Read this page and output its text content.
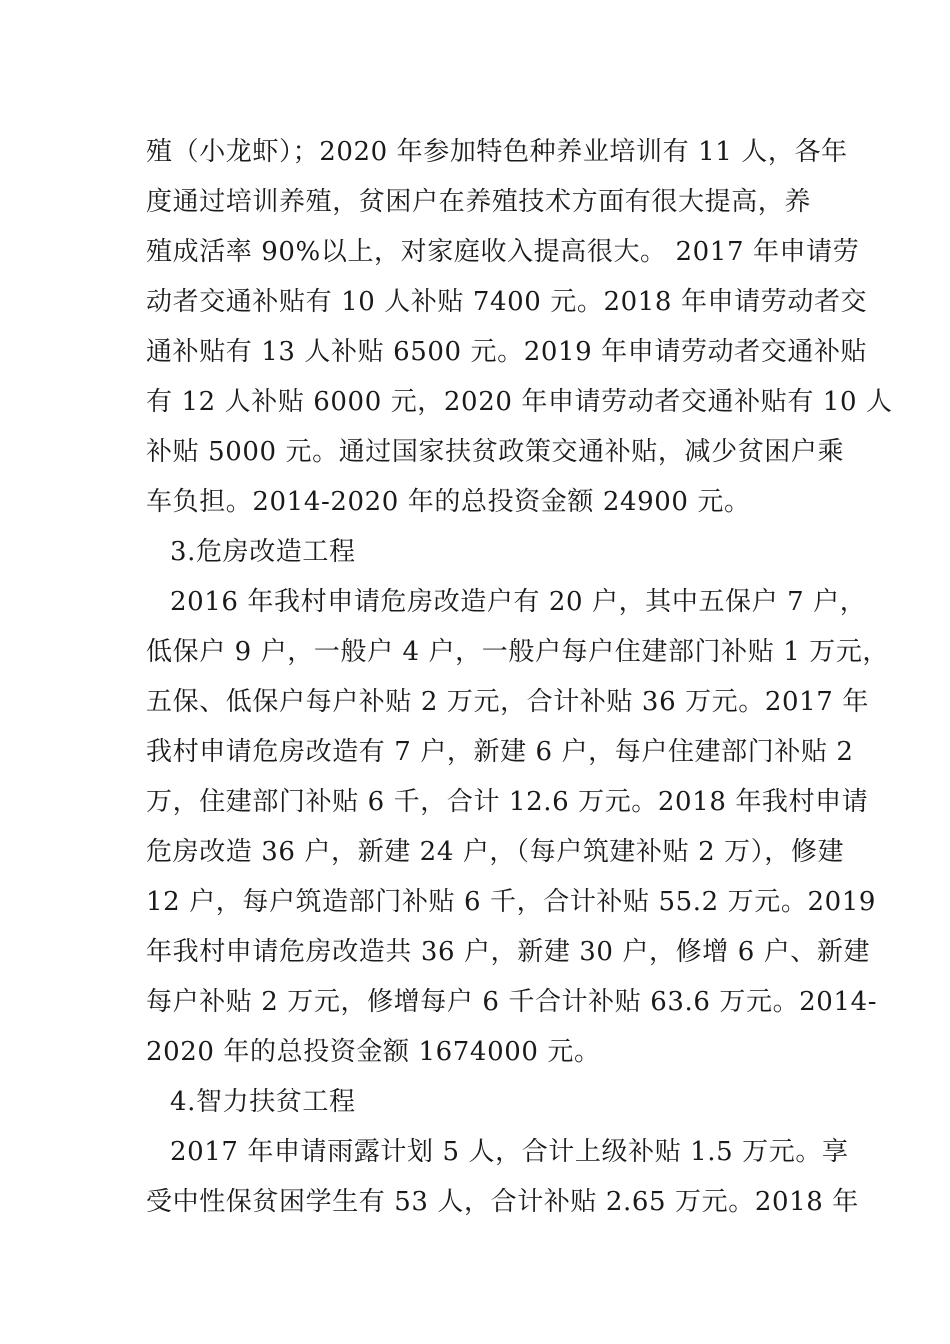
殖（小龙虾）；2020 年参加特色种养业培训有 11 人，各年
度通过培训养殖，贫困户在养殖技术方面有很大提高，养
殖成活率 90%以上，对家庭收入提高很大。 2017 年申请劳
动者交通补贴有 10 人补贴 7400 元。2018 年申请劳动者交
通补贴有 13 人补贴 6500 元。2019 年申请劳动者交通补贴
有 12 人补贴 6000 元，2020 年申请劳动者交通补贴有 10 人
补贴 5000 元。通过国家扶贫政策交通补贴，减少贫困户乘
车负担。2014-2020 年的总投资金额 24900 元。
3.危房改造工程
2016 年我村申请危房改造户有 20 户，其中五保户 7 户，
低保户 9 户，一般户 4 户，一般户每户住建部门补贴 1 万元，
五保、低保户每户补贴 2 万元，合计补贴 36 万元。2017 年
我村申请危房改造有 7 户，新建 6 户，每户住建部门补贴 2
万，住建部门补贴 6 千，合计 12.6 万元。2018 年我村申请
危房改造 36 户，新建 24 户，（每户筑建补贴 2 万），修建
12 户，每户筑造部门补贴 6 千，合计补贴 55.2 万元。2019
年我村申请危房改造共 36 户，新建 30 户，修增 6 户、新建
每户补贴 2 万元，修增每户 6 千合计补贴 63.6 万元。2014-
2020 年的总投资金额 1674000 元。
4.智力扶贫工程
2017 年申请雨露计划 5 人，合计上级补贴 1.5 万元。享
受中性保贫困学生有 53 人，合计补贴 2.65 万元。2018 年
